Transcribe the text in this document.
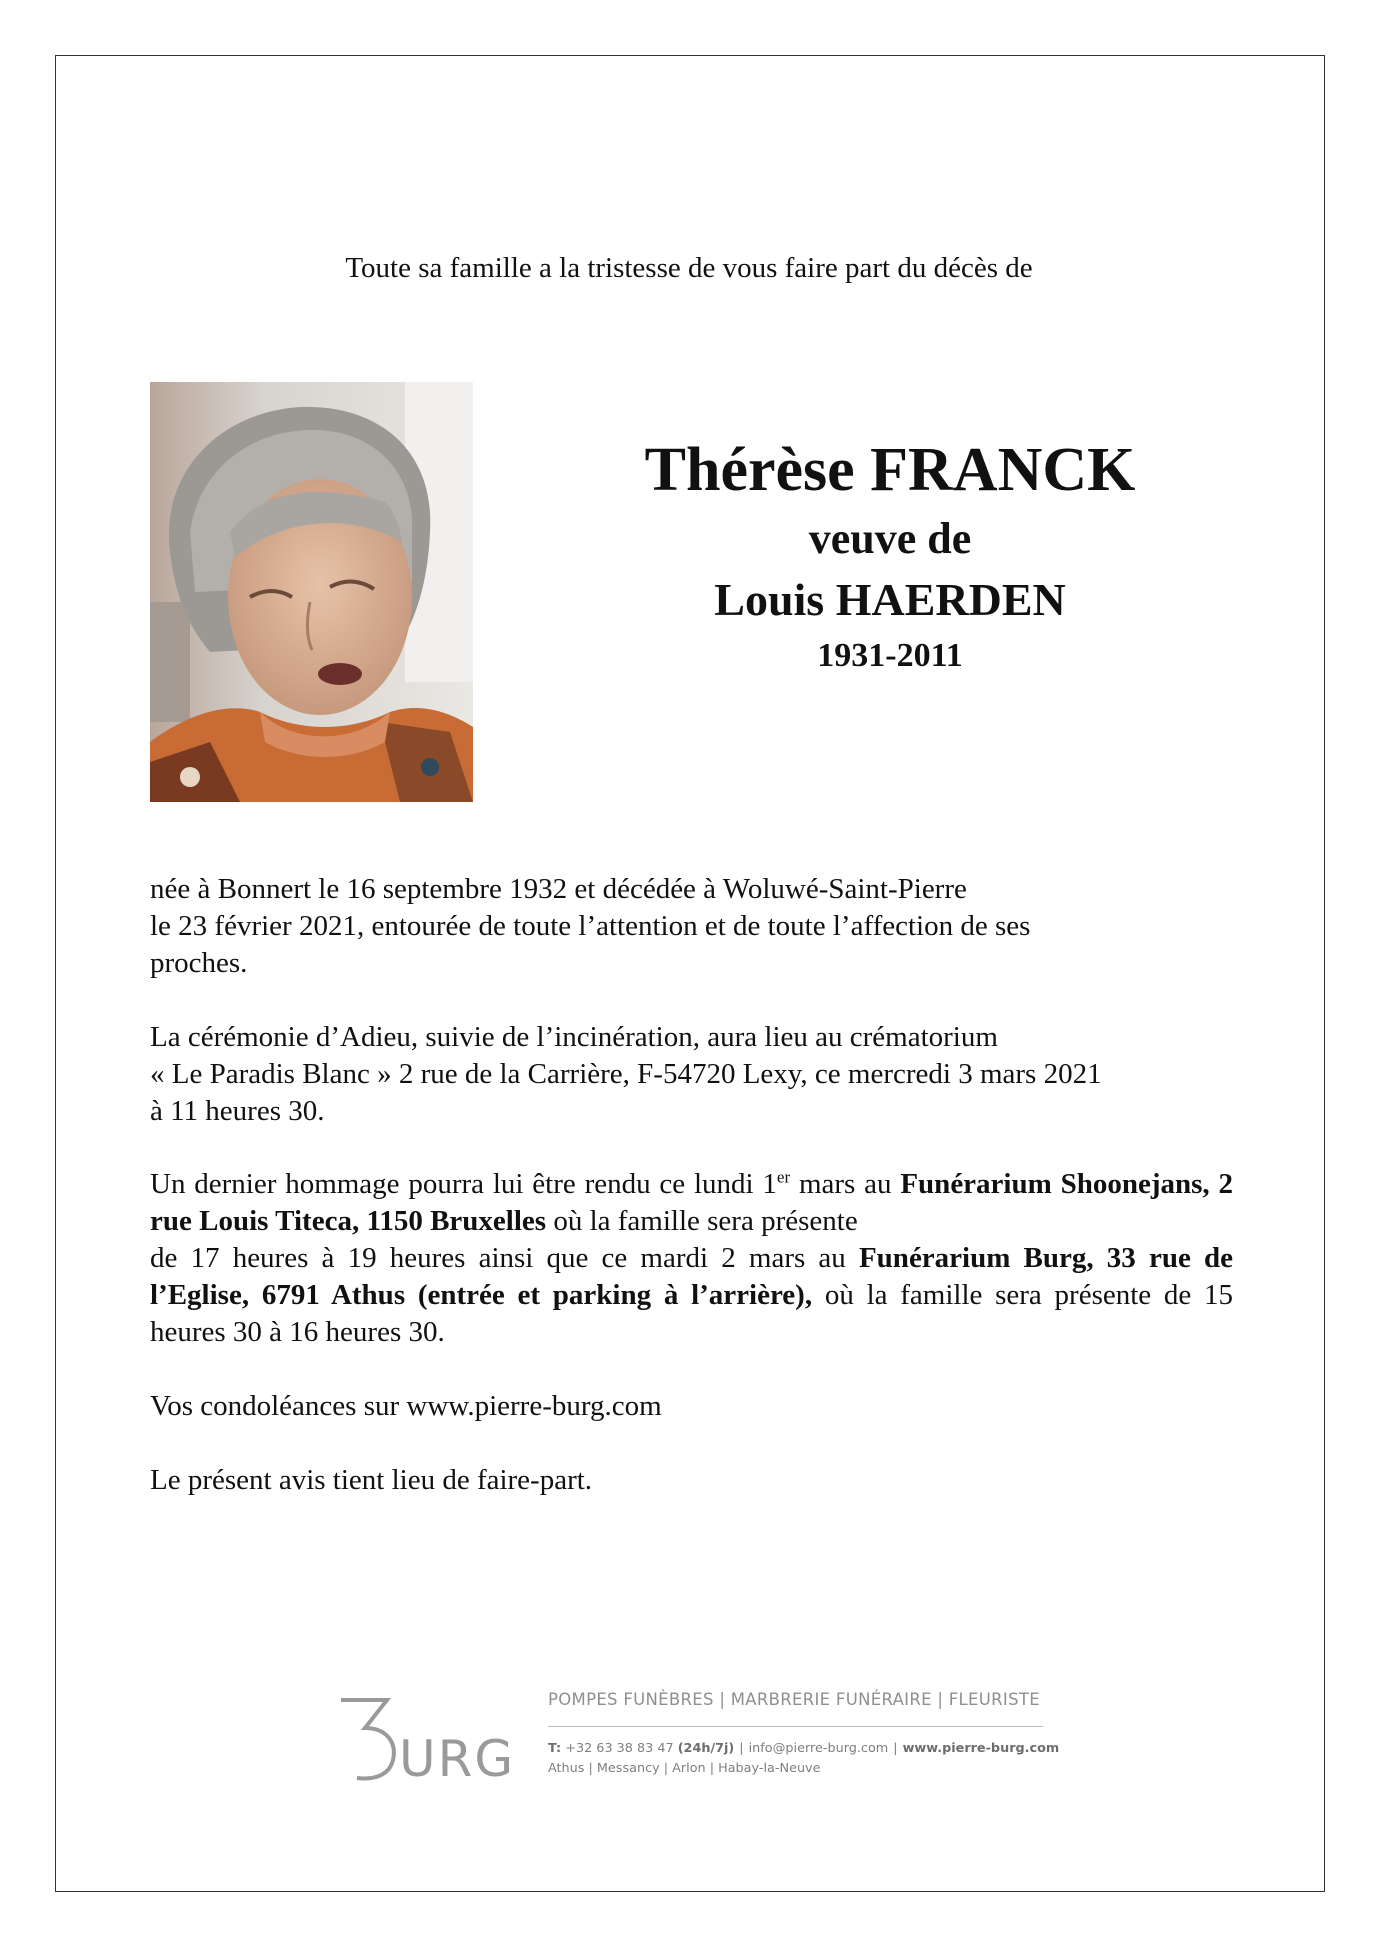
Toute sa famille a la tristesse de vous faire part du décès de
Thérèse FRANCK
veuve de
Louis HAERDEN
1931-2011

née à Bonnert le 16 septembre 1932 et décédée à Woluwé-Saint-Pierre

le 23 février 2021, entourée de toute l’attention et de toute l’affection de ses

proches.

La cérémonie d’Adieu, suivie de l’incinération, aura lieu au crématorium

« Le Paradis Blanc » 2 rue de la Carrière, F-54720 Lexy, ce mercredi 3 mars 2021

à 11 heures 30.

Un dernier hommage pourra lui être rendu ce lundi 1er mars au Funérarium Shoonejans, 2 rue Louis Titeca, 1150 Bruxelles où la famille sera présente
de 17 heures à 19 heures ainsi que ce mardi 2 mars au Funérarium Burg, 33 rue de l’Eglise, 6791 Athus (entrée et parking à l’arrière), où la famille sera présente de 15 heures 30 à 16 heures 30.
Vos condoléances sur www.pierre-burg.com
Le présent avis tient lieu de faire-part.
URG
POMPES FUNÈBRES | MARBRERIE FUNÉRAIRE | FLEURISTE
T: +32 63 38 83 47 (24h/7j) | info@pierre-burg.com | www.pierre-burg.com
Athus | Messancy | Arlon | Habay-la-Neuve
